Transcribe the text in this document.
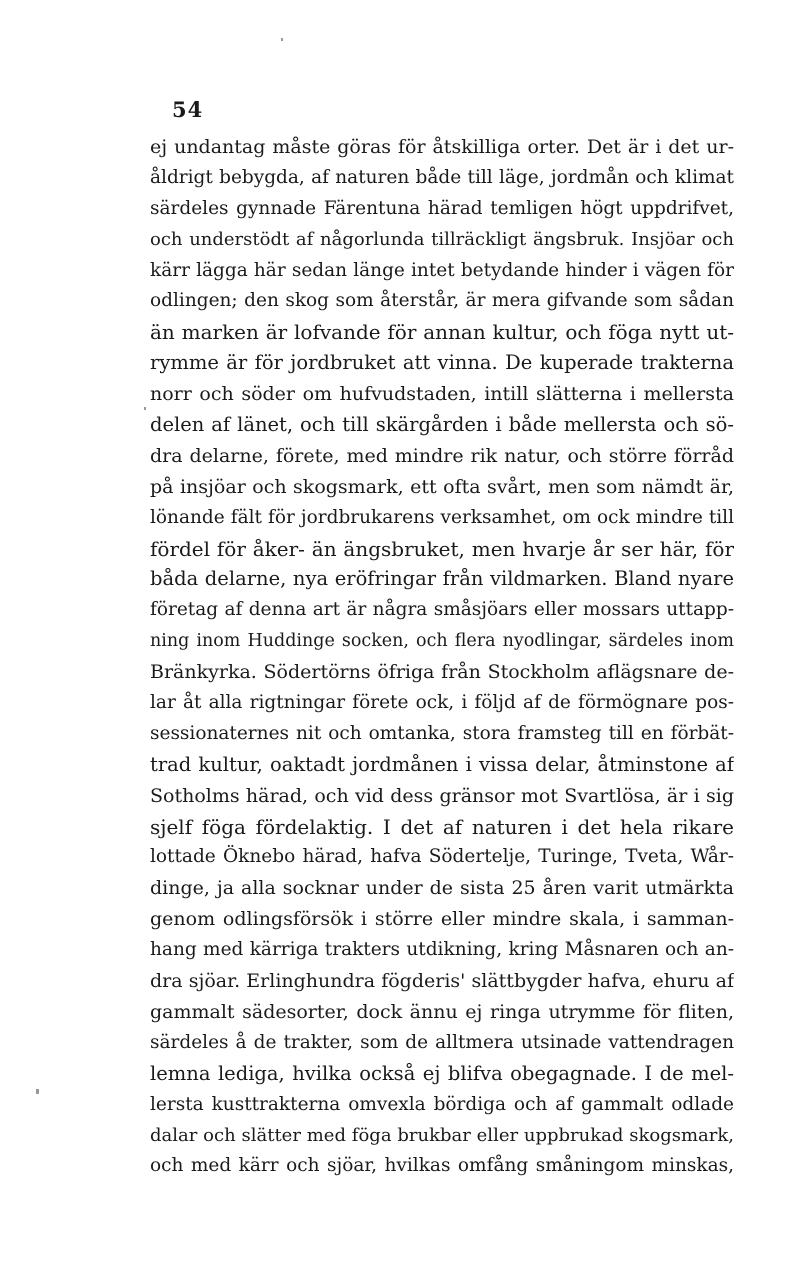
54
ej undantag måste göras för åtskilliga orter. Det är i det ur-
åldrigt bebygda, af naturen både till läge, jordmån och klimat
särdeles gynnade Färentuna härad temligen högt uppdrifvet,
och understödt af någorlunda tillräckligt ängsbruk. Insjöar och
kärr lägga här sedan länge intet betydande hinder i vägen för
odlingen; den skog som återstår, är mera gifvande som sådan
än marken är lofvande för annan kultur, och föga nytt ut-
rymme är för jordbruket att vinna. De kuperade trakterna
norr och söder om hufvudstaden, intill slätterna i mellersta
delen af länet, och till skärgården i både mellersta och sö-
dra delarne, förete, med mindre rik natur, och större förråd
på insjöar och skogsmark, ett ofta svårt, men som nämdt är,
lönande fält för jordbrukarens verksamhet, om ock mindre till
fördel för åker- än ängsbruket, men hvarje år ser här, för
båda delarne, nya eröfringar från vildmarken. Bland nyare
företag af denna art är några småsjöars eller mossars uttapp-
ning inom Huddinge socken, och flera nyodlingar, särdeles inom
Bränkyrka. Södertörns öfriga från Stockholm aflägsnare de-
lar åt alla rigtningar förete ock, i följd af de förmögnare pos-
sessionaternes nit och omtanka, stora framsteg till en förbät-
trad kultur, oaktadt jordmånen i vissa delar, åtminstone af
Sotholms härad, och vid dess gränsor mot Svartlösa, är i sig
sjelf föga fördelaktig. I det af naturen i det hela rikare
lottade Öknebo härad, hafva Södertelje, Turinge, Tveta, Wår-
dinge, ja alla socknar under de sista 25 åren varit utmärkta
genom odlingsförsök i större eller mindre skala, i samman-
hang med kärriga trakters utdikning, kring Måsnaren och an-
dra sjöar. Erlinghundra fögderis' slättbygder hafva, ehuru af
gammalt sädesorter, dock ännu ej ringa utrymme för fliten,
särdeles å de trakter, som de alltmera utsinade vattendragen
lemna lediga, hvilka också ej blifva obegagnade. I de mel-
lersta kusttrakterna omvexla bördiga och af gammalt odlade
dalar och slätter med föga brukbar eller uppbrukad skogsmark,
och med kärr och sjöar, hvilkas omfång småningom minskas,
